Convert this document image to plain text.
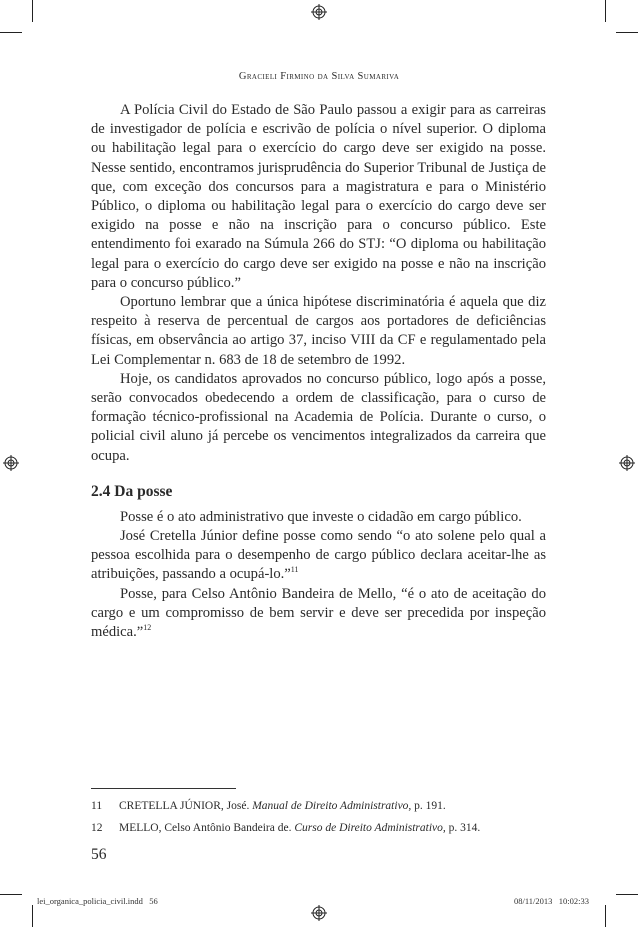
Gracieli Firmino da Silva Sumariva

A Polícia Civil do Estado de São Paulo passou a exigir para as carreiras de investigador de polícia e escrivão de polícia o nível superior. O diploma ou habilitação legal para o exercício do cargo deve ser exigido na posse. Nesse sentido, encontramos jurisprudência do Superior Tribunal de Justiça de que, com exceção dos concursos para a magistratura e para o Ministério Público, o diploma ou habilitação legal para o exercício do cargo deve ser exigido na posse e não na inscrição para o concurso público. Este entendimento foi exarado na Súmula 266 do STJ: “O diploma ou habilitação legal para o exercício do cargo deve ser exigido na posse e não na inscrição para o concurso público.”

Oportuno lembrar que a única hipótese discriminatória é aquela que diz respeito à reserva de percentual de cargos aos portadores de deficiências físicas, em observância ao artigo 37, inciso VIII da CF e regulamentado pela Lei Complementar n. 683 de 18 de setembro de 1992.

Hoje, os candidatos aprovados no concurso público, logo após a posse, serão convocados obedecendo a ordem de classificação, para o curso de formação técnico-profissional na Academia de Polícia. Durante o curso, o policial civil aluno já percebe os vencimentos integralizados da carreira que ocupa.

2.4 Da posse

Posse é o ato administrativo que investe o cidadão em cargo público.

José Cretella Júnior define posse como sendo “o ato solene pelo qual a pessoa escolhida para o desempenho de cargo público declara aceitar-lhe as atribuições, passando a ocupá-lo.”$^{11}$

Posse, para Celso Antônio Bandeira de Mello, “é o ato de aceitação do cargo e um compromisso de bem servir e deve ser precedida por inspeção médica.”$^{12}$

11	CRETELLA JÚNIOR, José. Manual de Direito Administrativo, p. 191.
12	MELLO, Celso Antônio Bandeira de. Curso de Direito Administrativo, p. 314.
56
lei_organica_policia_civil.indd   56	08/11/2013   10:02:33
